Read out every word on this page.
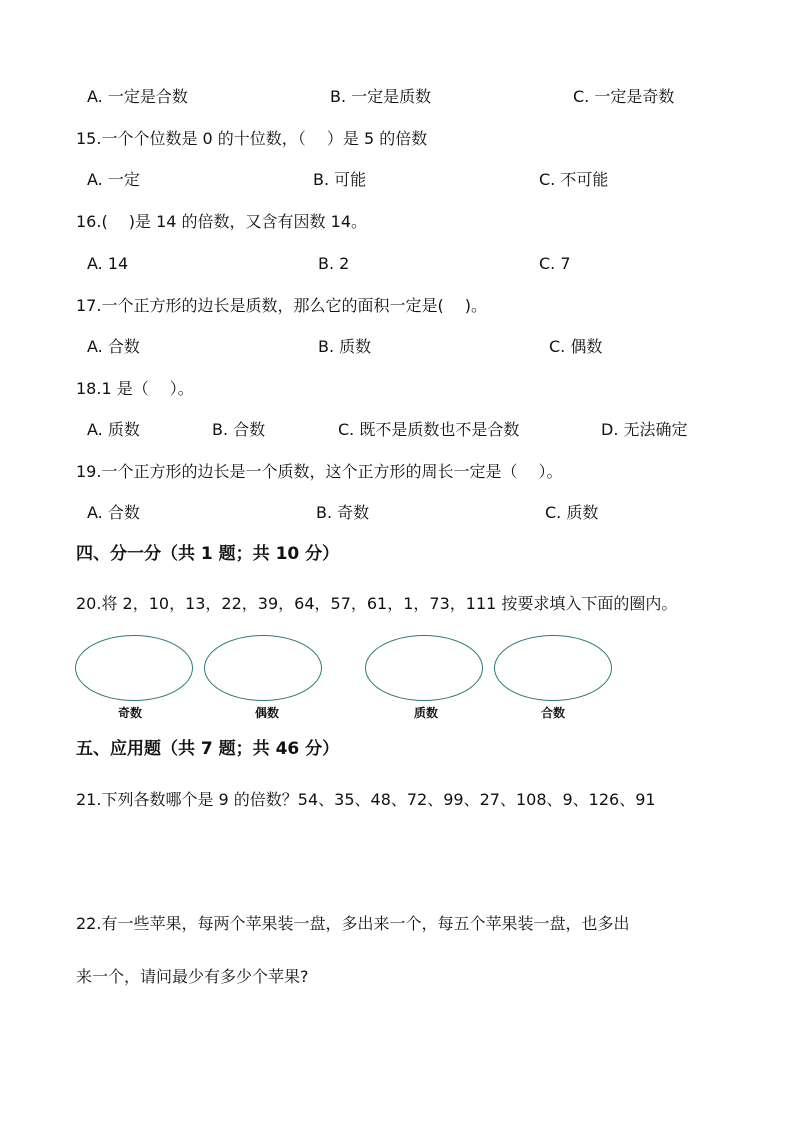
A. 一定是合数	B. 一定是质数	C. 一定是奇数
15.一个个位数是 0 的十位数，（　 ）是 5 的倍数
A. 一定	B. 可能	C. 不可能
16.(　 )是 14 的倍数，又含有因数 14。
A. 14	B. 2	C. 7
17.一个正方形的边长是质数，那么它的面积一定是(　 )。
A. 合数	B. 质数	C. 偶数
18.1 是（　 ）。
A. 质数	B. 合数	C. 既不是质数也不是合数	D. 无法确定
19.一个正方形的边长是一个质数，这个正方形的周长一定是（　 ）。
A. 合数	B. 奇数	C. 质数
四、分一分（共 1 题；共 10 分）
20.将 2，10，13，22，39，64，57，61，1，73，111 按要求填入下面的圈内。
奇数	偶数	质数	合数
五、应用题（共 7 题；共 46 分）
21.下列各数哪个是 9 的倍数？54、35、48、72、99、27、108、9、126、91
22.有一些苹果，每两个苹果装一盘，多出来一个，每五个苹果装一盘，也多出
来一个，请问最少有多少个苹果?
